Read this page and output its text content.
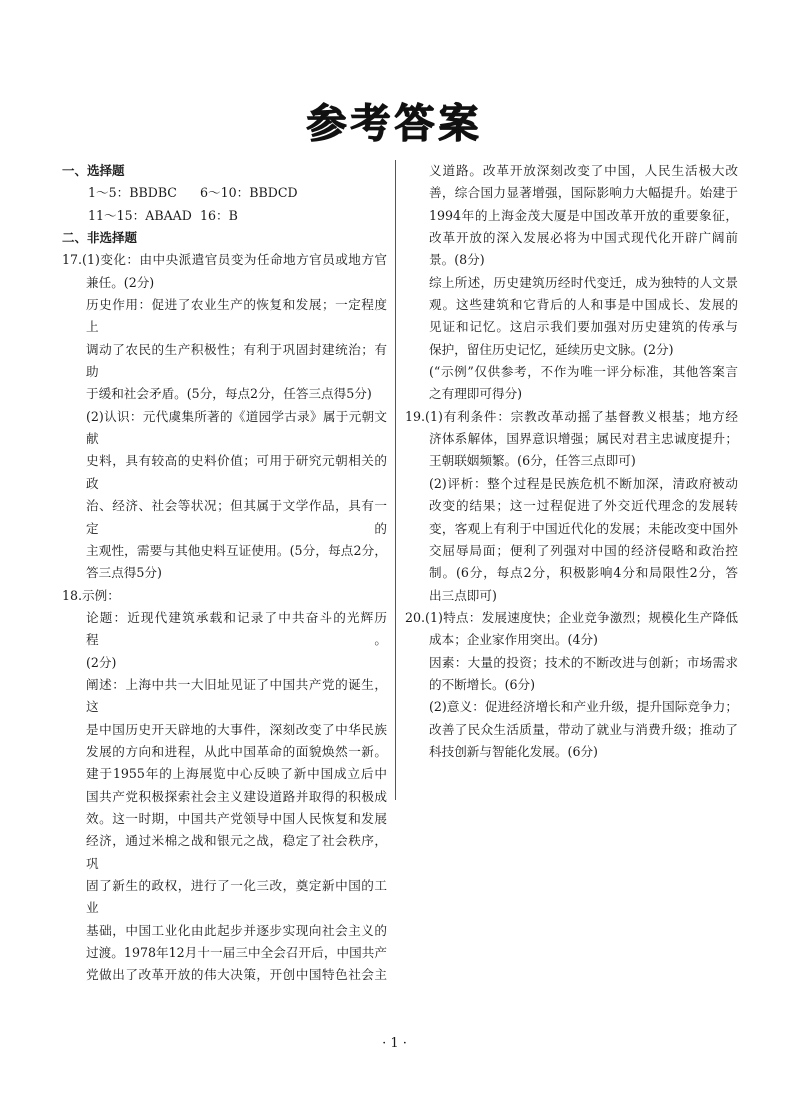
参考答案
一、选择题
1～5：BBDBC	6～10：BBDCD
11～15：ABAAD 16：B
二、非选择题
17.(1)变化：由中央派遣官员变为任命地方官员或地方官
兼任。(2分)
历史作用：促进了农业生产的恢复和发展；一定程度上
调动了农民的生产积极性；有利于巩固封建统治；有助
于缓和社会矛盾。(5分，每点2分，任答三点得5分)
(2)认识：元代虞集所著的《道园学古录》属于元朝文献
史料，具有较高的史料价值；可用于研究元朝相关的政
治、经济、社会等状况；但其属于文学作品，具有一定的
主观性，需要与其他史料互证使用。(5分，每点2分，
答三点得5分)
18.示例：
论题：近现代建筑承载和记录了中共奋斗的光辉历程。
(2分)
阐述：上海中共一大旧址见证了中国共产党的诞生，这
是中国历史开天辟地的大事件，深刻改变了中华民族
发展的方向和进程，从此中国革命的面貌焕然一新。
建于1955年的上海展览中心反映了新中国成立后中
国共产党积极探索社会主义建设道路并取得的积极成
效。这一时期，中国共产党领导中国人民恢复和发展
经济，通过米棉之战和银元之战，稳定了社会秩序，巩
固了新生的政权，进行了一化三改，奠定新中国的工业
基础，中国工业化由此起步并逐步实现向社会主义的
过渡。1978年12月十一届三中全会召开后，中国共产
党做出了改革开放的伟大决策，开创中国特色社会主
义道路。改革开放深刻改变了中国，人民生活极大改
善，综合国力显著增强，国际影响力大幅提升。始建于
1994年的上海金茂大厦是中国改革开放的重要象征，
改革开放的深入发展必将为中国式现代化开辟广阔前
景。(8分)
综上所述，历史建筑历经时代变迁，成为独特的人文景
观。这些建筑和它背后的人和事是中国成长、发展的
见证和记忆。这启示我们要加强对历史建筑的传承与
保护，留住历史记忆，延续历史文脉。(2分)
(“示例”仅供参考，不作为唯一评分标准，其他答案言
之有理即可得分)
19.(1)有利条件：宗教改革动摇了基督教义根基；地方经
济体系解体，国界意识增强；属民对君主忠诚度提升；
王朝联姻频繁。(6分，任答三点即可)
(2)评析：整个过程是民族危机不断加深，清政府被动
改变的结果；这一过程促进了外交近代理念的发展转
变，客观上有利于中国近代化的发展；未能改变中国外
交屈辱局面；便利了列强对中国的经济侵略和政治控
制。(6分，每点2分，积极影响4分和局限性2分，答
出三点即可)
20.(1)特点：发展速度快；企业竞争激烈；规模化生产降低
成本；企业家作用突出。(4分)
因素：大量的投资；技术的不断改进与创新；市场需求
的不断增长。(6分)
(2)意义：促进经济增长和产业升级，提升国际竞争力；
改善了民众生活质量，带动了就业与消费升级；推动了
科技创新与智能化发展。(6分)
· 1 ·
